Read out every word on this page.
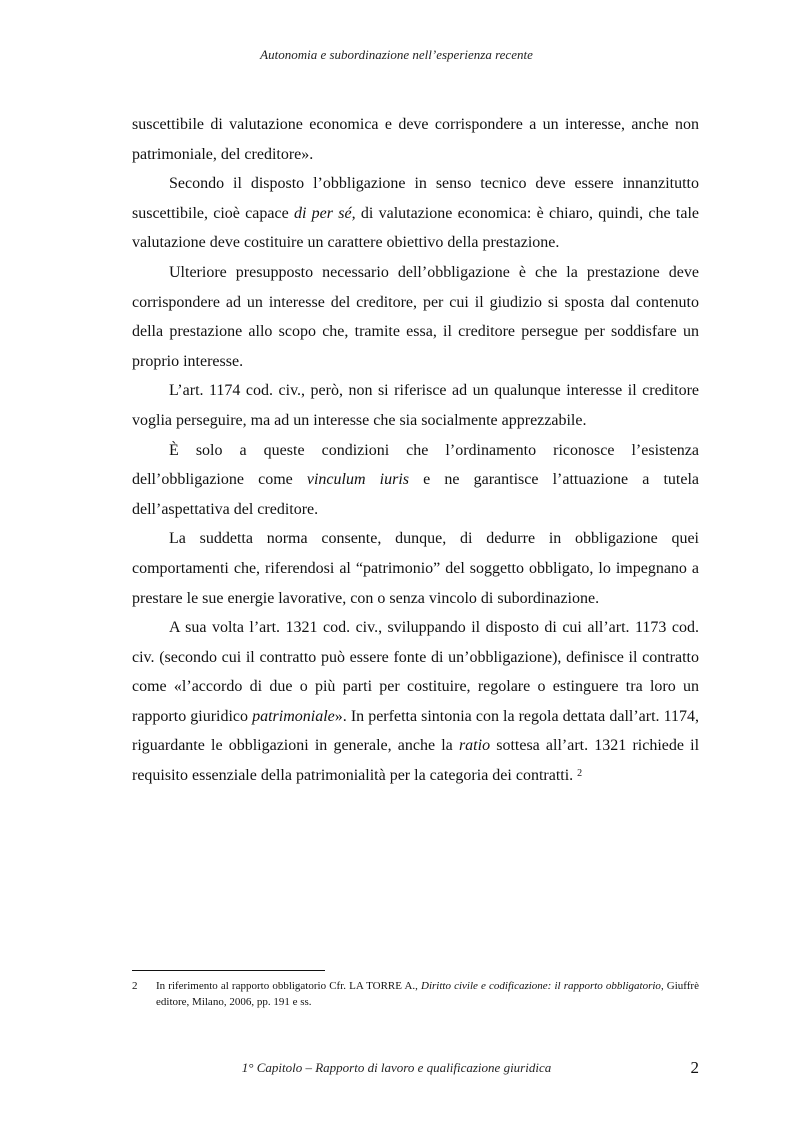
Autonomia e subordinazione nell’esperienza recente

suscettibile di valutazione economica e deve corrispondere a un interesse, anche non patrimoniale, del creditore».

Secondo il disposto l’obbligazione in senso tecnico deve essere innanzitutto suscettibile, cioè capace di per sé, di valutazione economica: è chiaro, quindi, che tale valutazione deve costituire un carattere obiettivo della prestazione.

Ulteriore presupposto necessario dell’obbligazione è che la prestazione deve corrispondere ad un interesse del creditore, per cui il giudizio si sposta dal contenuto della prestazione allo scopo che, tramite essa, il creditore persegue per soddisfare un proprio interesse.

L’art. 1174 cod. civ., però, non si riferisce ad un qualunque interesse il creditore voglia perseguire, ma ad un interesse che sia socialmente apprezzabile.

È solo a queste condizioni che l’ordinamento riconosce l’esistenza dell’obbligazione come vinculum iuris e ne garantisce l’attuazione a tutela dell’aspettativa del creditore.

La suddetta norma consente, dunque, di dedurre in obbligazione quei comportamenti che, riferendosi al “patrimonio” del soggetto obbligato, lo impegnano a prestare le sue energie lavorative, con o senza vincolo di subordinazione.

A sua volta l’art. 1321 cod. civ., sviluppando il disposto di cui all’art. 1173 cod. civ. (secondo cui il contratto può essere fonte di un’obbligazione), definisce il contratto come «l’accordo di due o più parti per costituire, regolare o estinguere tra loro un rapporto giuridico patrimoniale». In perfetta sintonia con la regola dettata dall’art. 1174, riguardante le obbligazioni in generale, anche la ratio sottesa all’art. 1321 richiede il requisito essenziale della patrimonialità per la categoria dei contratti. $^2$

2 In riferimento al rapporto obbligatorio Cfr. LA TORRE A., Diritto civile e codificazione: il rapporto obbligatorio, Giuffrè editore, Milano, 2006, pp. 191 e ss.
1° Capitolo – Rapporto di lavoro e qualificazione giuridica	2
